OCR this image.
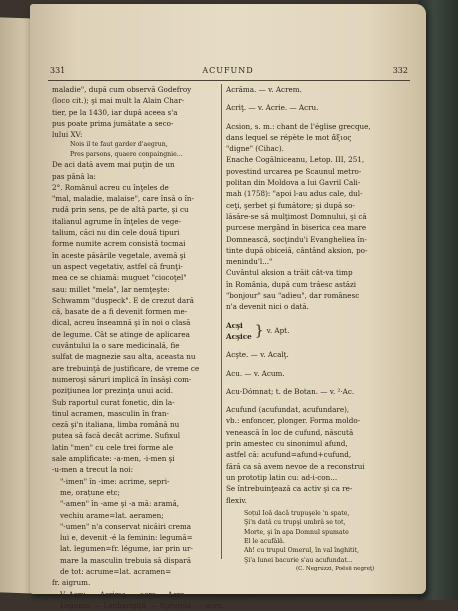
331	ACUFUND	332
maladie", după cum observă Godefroy
(loco cit.); şi mai mult la Alain Char-
tier, pe la 1430, iar după aceea s'a
pus poate prima jumătate a seco-
lului XV:
Nois il te faut garder d'aegrun,
Pres parsons, quaere conpaingnie…
De aci dată avem mai puţin de un
pas până la:
2°. Românul acreu cu înţeles de
"mal, maladie, malaise", care însă o în-
rudă prin sens, pe de altă parte, şi cu
italianul agrume în înţeles de vege-
talium, căci nu din cele două tipuri
forme numite acrem consistă tocmai
în aceste păsările vegetale, avemă şi
un aspect vegetativ, astfel că frunţi-
mea ce se chiamă: muguet "ciocoţel"
sau: millet "mela", lar nemţeşte:
Schwamm "dușpeck". E de crezut dară
că, basate de a fi devenit formen me-
dical, acreu înseamnă şi în noi o clasă
de legume. Cât se atinge de aplicarea
cuvântului la o sare medicinală, fie
sulfat de magnezie sau alta, aceasta nu
are trebuinţă de justificare, de vreme ce
numeroşi săruri implică în însăşi com-
poziţiunea lor prezinţa unui acid.
Sub raportul curat fonetic, din la-
tinul acramen, masculin în fran-
ceză şi'n italiana, limba română nu
putea să facă decât acrime. Sufixul
latin "men" cu cele trei forme ale
sale amplificate: -a-men, -i-men şi
-u-men a trecut la noi:
"-imen" în -ime: acrime, sepri-
me, orațune etc;
"-amen" în -ame şi -a mă: aramă,
vechiu arame=lat. aeramen;
"-umen" n'a conservat nicăiri crema
lui e, devenit -é la feminin: legumă=
lat. legumen=fr. légume, iar prin ur-
mare la masculin trebuia să dispară
de tot: acrume=lat. acramen=
fr. aigrum.
V. Acru. — Acrime. — acre — Acre. —
Leguma. — Lanbarigiţă. — Spruţelă. — acru.
Acrăma. — v. Acrem.
Acriţ. — v. Acrie. — Acru.
Acsion, s. m.: chant de l'église grecque,
dans lequel se répète le mot ἄξιος
"digne" (Cihac).
Enache Cogălniceanu, Letop. III, 251,
povestind urcarea pe Scaunul metro-
politan din Moldova a lui Gavril Cali-
mah (1758): "apoi l-au adus cale, dul-
ceţi, şerbet şi fumătore; şi după so-
lăsăre-se să mulţimost Domnului, şi că
purcese mergând în biserica cea mare
Domnească, socţindu'i Evangheliea în-
tinte după obiceiă, cântând aksion, po-
menindu'l..."
Cuvântul aksion a trăit cât-va timp
în România, după cum trăesc astăzi
"bonjour" sau "adieu", dar românesc
n'a devenit nici o dată.
Acşi
Acşice } v. Apt.
Acşte. — v. Acalţ.
Acu. — v. Acum.
Acu-Dómnat; t. de Botan. — v. ²·Ac.
Acufund (acufundat, acufundare),
vb.: enfoncer, plonger. Forma moldo-
venească în loc de cufund, născută
prin amestec cu sinonimul afund,
astfel că: acufund=afund+cufund,
fără ca să avem nevoe de a reconstrui
un prototip latin cu: ad-i-con...
Se întrebuinţează ca activ şi ca re-
flexiv.
Soțul Ioă dacă trupuşele 'n spate,
Şi'n datâ cu trupşi umbrâ se tot,
Morte, şi în apa Domnul spumate
El le acufâlâ.
Ah! cu trupul Omerul, în val înghitit,
Şi'a lunei bacurie s'au acufundat...
(C. Negruzzi, Poësii negreţ)
